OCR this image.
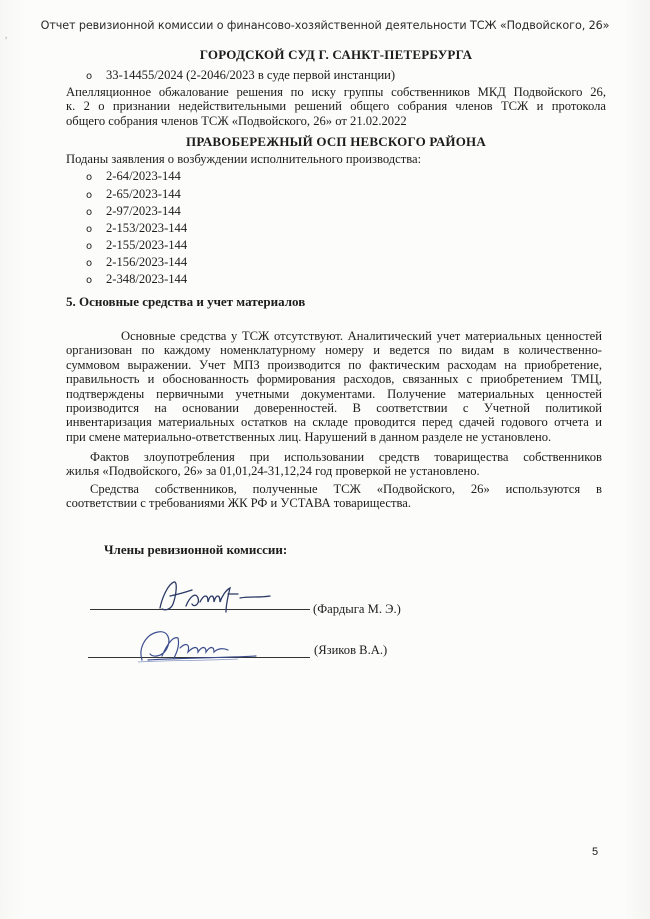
,
Отчет ревизионной комиссии о финансово-хозяйственной деятельности ТСЖ «Подвойского, 26»
ГОРОДСКОЙ СУД Г. САНКТ-ПЕТЕРБУРГА
o 33-14455/2024 (2-2046/2023 в суде первой инстанции)
Апелляционное обжалование решения по иску группы собственников МКД Подвойского 26,
к. 2 о признании недействительными решений общего собрания членов ТСЖ и протокола
общего собрания членов ТСЖ «Подвойского, 26» от 21.02.2022
ПРАВОБЕРЕЖНЫЙ ОСП НЕВСКОГО РАЙОНА
Поданы заявления о возбуждении исполнительного производства:
o 2-64/2023-144
o 2-65/2023-144
o 2-97/2023-144
o 2-153/2023-144
o 2-155/2023-144
o 2-156/2023-144
o 2-348/2023-144
5. Основные средства и учет материалов
Основные средства у ТСЖ отсутствуют. Аналитический учет материальных ценностей
организован по каждому номенклатурному номеру и ведется по видам в количественно-
суммовом выражении. Учет МПЗ производится по фактическим расходам на приобретение,
правильность и обоснованность формирования расходов, связанных с приобретением ТМЦ,
подтверждены первичными учетными документами. Получение материальных ценностей
производится на основании доверенностей. В соответствии с Учетной политикой
инвентаризация материальных остатков на складе проводится перед сдачей годового отчета и
при смене материально-ответственных лиц. Нарушений в данном разделе не установлено.
Фактов злоупотребления при использовании средств товарищества собственников
жилья «Подвойского, 26» за 01,01,24-31,12,24 год проверкой не установлено.
Средства собственников, полученные ТСЖ «Подвойского, 26» используются в
соответствии с требованиями ЖК РФ и УСТАВА товарищества.
Члены ревизионной комиссии:
(Фардыга М. Э.)
(Язиков В.А.)
5
